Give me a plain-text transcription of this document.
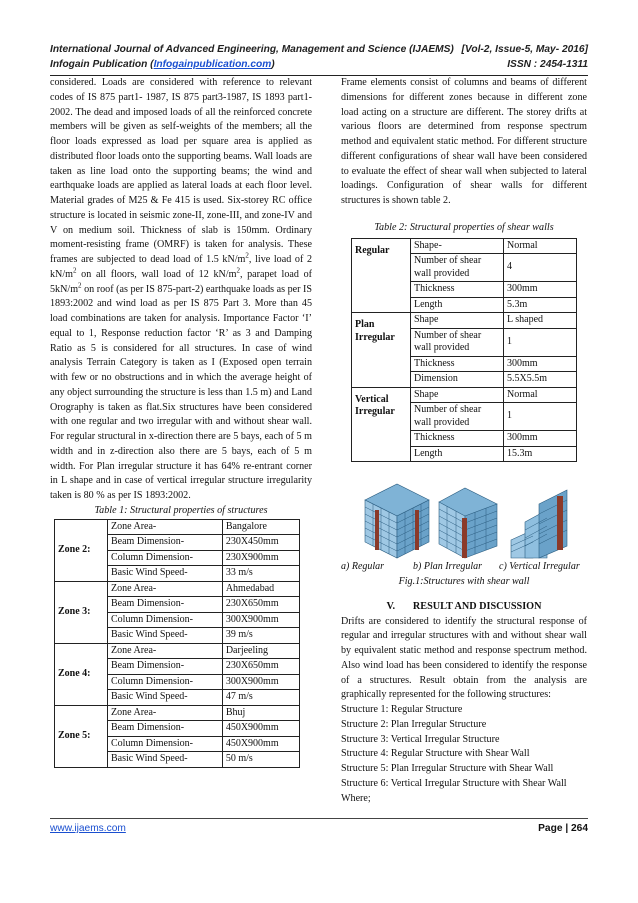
International Journal of Advanced Engineering, Management and Science (IJAEMS) [Vol-2, Issue-5, May- 2016]
Infogain Publication (Infogainpublication.com)	ISSN : 2454-1311

considered. Loads are considered with reference to relevant codes of IS 875 part1- 1987, IS 875 part3-1987, IS 1893 part1-2002. The dead and imposed loads of all the reinforced concrete members will be given as self-weights of the members; all the floor loads expressed as load per square area is applied as distributed floor loads onto the supporting beams. Wall loads are taken as line load onto the supporting beams; the wind and earthquake loads are applied as lateral loads at each floor level. Material grades of M25 & Fe 415 is used. Six-storey RC office structure is located in seismic zone-II, zone-III, and zone-IV and V on medium soil. Thickness of slab is 150mm. Ordinary moment-resisting frame (OMRF) is taken for analysis. These frames are subjected to dead load of 1.5 $kN/m^2$, live load of 2 $kN/m^2$ on all floors, wall load of 12 $kN/m^2$, parapet load of $5kN/m^2$ on roof (as per IS 875-part-2) earthquake loads as per IS 1893:2002 and wind load as per IS 875 Part 3. More than 45 load combinations are taken for analysis. Importance Factor ‘I’ equal to 1, Response reduction factor ‘R’ as 3 and Damping Ratio as 5 is considered for all structures. In case of wind analysis Terrain Category is taken as I (Exposed open terrain with few or no obstructions and in which the average height of any object surrounding the structure is less than 1.5 m) and Land Orography is taken as flat.Six structures have been considered with one regular and two irregular with and without shear wall. For regular structural in x-direction there are 5 bays, each of 5 m width and in z-direction also there are 5 bays, each of 5 m width. For Plan irregular structure it has 64% re-entrant corner in L shape and in case of vertical irregular structure irregularity taken is 80 % as per IS 1893:2002.

Table 1: Structural properties of structures

Zone 2:	Zone Area-	Bangalore
	Beam Dimension-	230X450mm
	Column Dimension-	230X900mm
	Basic Wind Speed-	33 m/s
Zone 3:	Zone Area-	Ahmedabad
	Beam Dimension-	230X650mm
	Column Dimension-	300X900mm
	Basic Wind Speed-	39 m/s
Zone 4:	Zone Area-	Darjeeling
	Beam Dimension-	230X650mm
	Column Dimension-	300X900mm
	Basic Wind Speed-	47 m/s
Zone 5:	Zone Area-	Bhuj
	Beam Dimension-	450X900mm
	Column Dimension-	450X900mm
	Basic Wind Speed-	50 m/s

Frame elements consist of columns and beams of different dimensions for different zones because in different zone load acting on a structure are different. The storey drifts at various floors are determined from response spectrum method and equivalent static method. For different structure different configurations of shear wall have been considered to evaluate the effect of shear wall when subjected to lateral loadings. Configuration of shear walls for different structures is shown table 2.

Table 2: Structural properties of shear walls

Regular	Shape-	Normal
	Number of shear wall provided	4
	Thickness	300mm
	Length	5.3m
Plan Irregular	Shape	L shaped
	Number of shear wall provided	1
	Thickness	300mm
	Dimension	5.5X5.5m
Vertical Irregular	Shape	Normal
	Number of shear wall provided	1
	Thickness	300mm
	Length	15.3m
a) Regular	b) Plan Irregular c) Vertical Irregular

Fig.1:Structures with shear wall

V.       RESULT AND DISCUSSION

Drifts are considered to identify the structural response of regular and irregular structures with and without shear wall by equivalent static method and response spectrum method. Also wind load has been considered to identify the response of a structures. Result obtain from the analysis are graphically represented for the following structures:

Structure 1: Regular Structure
Structure 2: Plan Irregular Structure
Structure 3: Vertical Irregular Structure
Structure 4: Regular Structure with Shear Wall
Structure 5: Plan Irregular Structure with Shear Wall
Structure 6: Vertical Irregular Structure with Shear Wall

Where;

www.ijaems.com	Page | 264
